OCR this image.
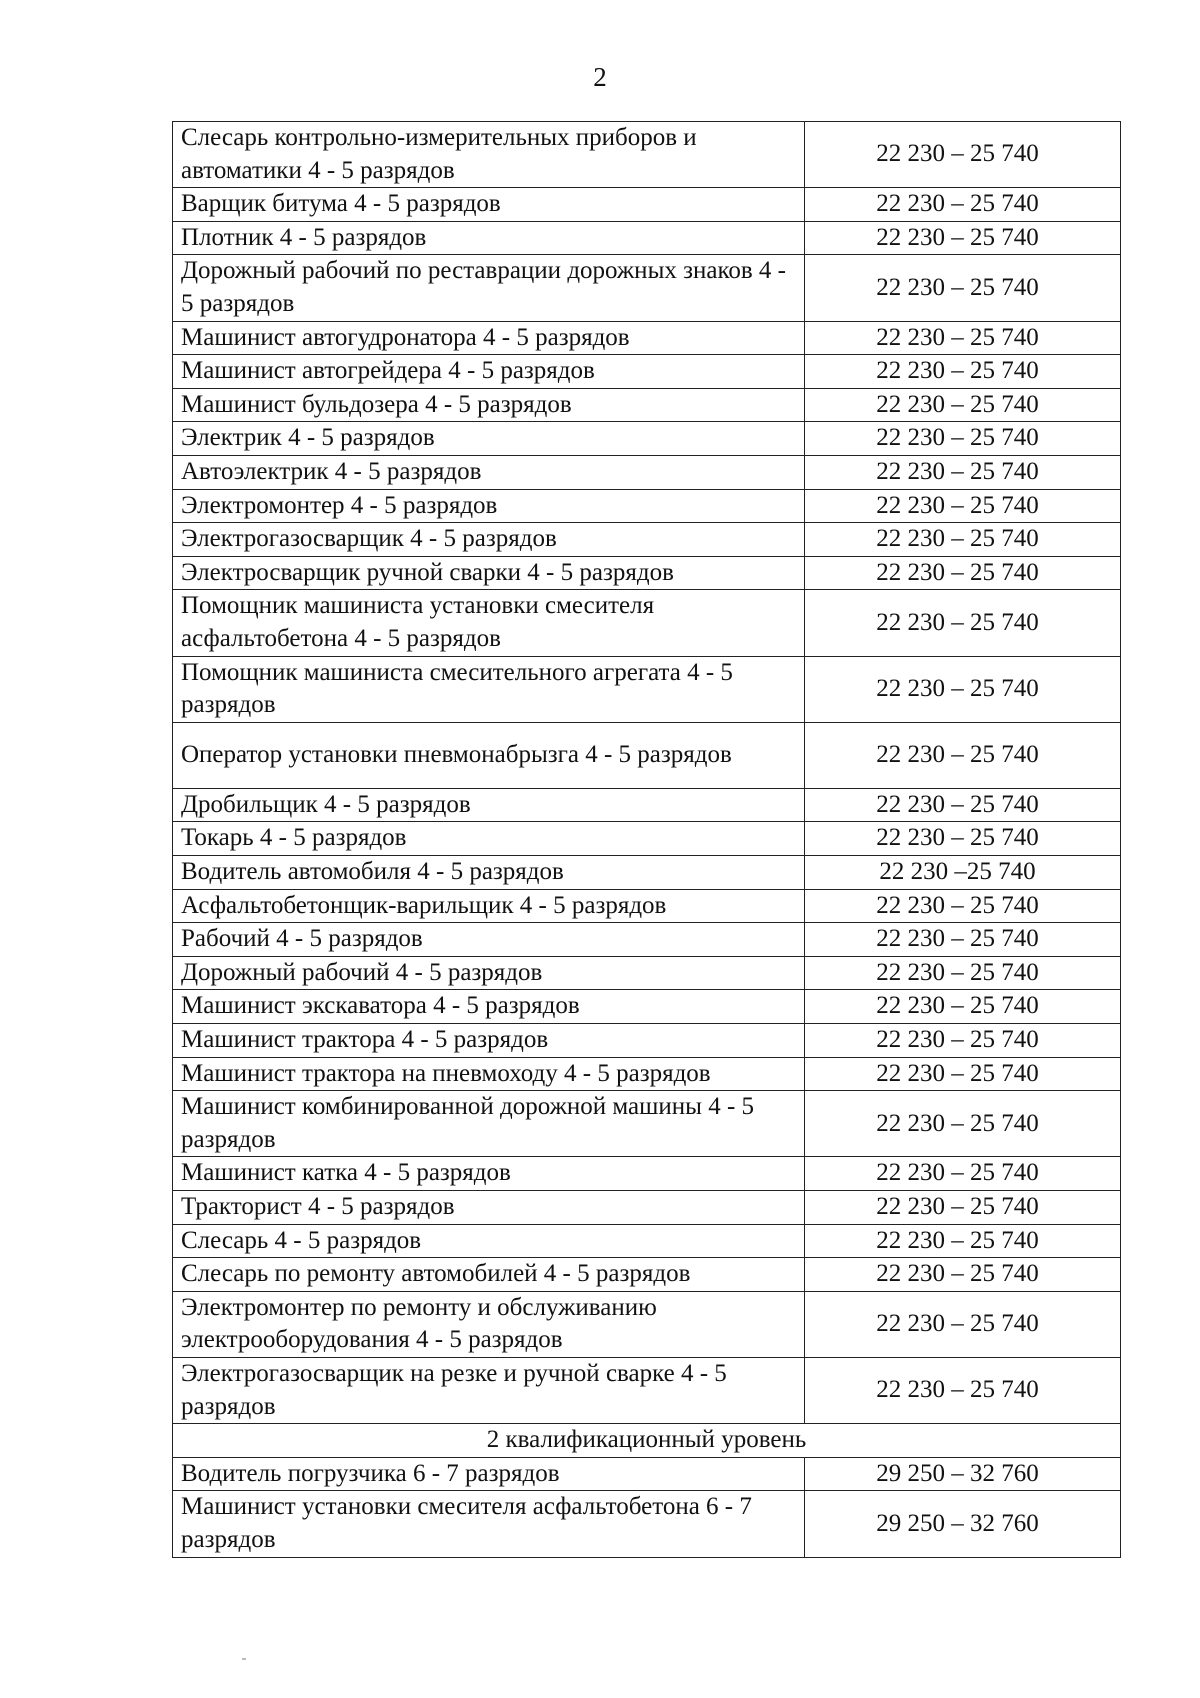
2
Слесарь контрольно-измерительных приборов и автоматики 4 - 5 разрядов	22 230 – 25 740
Варщик битума 4 - 5 разрядов	22 230 – 25 740
Плотник 4 - 5 разрядов	22 230 – 25 740
Дорожный рабочий по реставрации дорожных знаков 4 - 5 разрядов	22 230 – 25 740
Машинист автогудронатора 4 - 5 разрядов	22 230 – 25 740
Машинист автогрейдера 4 - 5 разрядов	22 230 – 25 740
Машинист бульдозера 4 - 5 разрядов	22 230 – 25 740
Электрик 4 - 5 разрядов	22 230 – 25 740
Автоэлектрик 4 - 5 разрядов	22 230 – 25 740
Электромонтер 4 - 5 разрядов	22 230 – 25 740
Электрогазосварщик 4 - 5 разрядов	22 230 – 25 740
Электросварщик ручной сварки 4 - 5 разрядов	22 230 – 25 740
Помощник машиниста установки смесителя асфальтобетона 4 - 5 разрядов	22 230 – 25 740
Помощник машиниста смесительного агрегата 4 - 5 разрядов	22 230 – 25 740
Оператор установки пневмонабрызга 4 - 5 разрядов	22 230 – 25 740
Дробильщик 4 - 5 разрядов	22 230 – 25 740
Токарь 4 - 5 разрядов	22 230 – 25 740
Водитель автомобиля 4 - 5 разрядов	22 230 –25 740
Асфальтобетонщик-варильщик 4 - 5 разрядов	22 230 – 25 740
Рабочий 4 - 5 разрядов	22 230 – 25 740
Дорожный рабочий 4 - 5 разрядов	22 230 – 25 740
Машинист экскаватора 4 - 5 разрядов	22 230 – 25 740
Машинист трактора 4 - 5 разрядов	22 230 – 25 740
Машинист трактора на пневмоходу 4 - 5 разрядов	22 230 – 25 740
Машинист комбинированной дорожной машины 4 - 5 разрядов	22 230 – 25 740
Машинист катка 4 - 5 разрядов	22 230 – 25 740
Тракторист 4 - 5 разрядов	22 230 – 25 740
Слесарь 4 - 5 разрядов	22 230 – 25 740
Слесарь по ремонту автомобилей 4 - 5 разрядов	22 230 – 25 740
Электромонтер по ремонту и обслуживанию электрооборудования 4 - 5 разрядов	22 230 – 25 740
Электрогазосварщик на резке и ручной сварке 4 - 5 разрядов	22 230 – 25 740
2 квалификационный уровень	
Водитель погрузчика 6 - 7 разрядов	29 250 – 32 760
Машинист установки смесителя асфальтобетона 6 - 7 разрядов	29 250 – 32 760
